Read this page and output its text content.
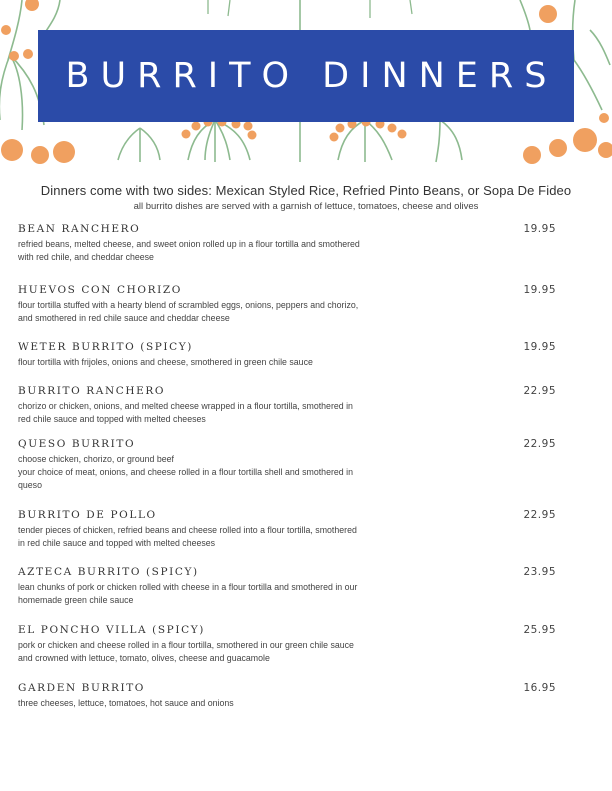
BURRITO DINNERS
Dinners come with two sides: Mexican Styled Rice, Refried Pinto Beans, or Sopa De Fideo
all burrito dishes are served with a garnish of lettuce, tomatoes, cheese and olives
BEAN RANCHERO	19.95
refried beans, melted cheese, and sweet onion rolled up in a flour tortilla and smothered
with red chile, and cheddar cheese
HUEVOS CON CHORIZO	19.95
flour tortilla stuffed with a hearty blend of scrambled eggs, onions, peppers and chorizo,
and smothered in red chile sauce and cheddar cheese
WETER BURRITO (SPICY)	19.95
flour tortilla with frijoles, onions and cheese, smothered in green chile sauce
BURRITO RANCHERO	22.95
chorizo or chicken, onions, and melted cheese wrapped in a flour tortilla, smothered in
red chile sauce and topped with melted cheeses
QUESO BURRITO	22.95
choose chicken, chorizo, or ground beef
your choice of meat, onions, and cheese rolled in a flour tortilla shell and smothered in
queso
BURRITO DE POLLO	22.95
tender pieces of chicken, refried beans and cheese rolled into a flour tortilla, smothered
in red chile sauce and topped with melted cheeses
AZTECA BURRITO (SPICY)	23.95
lean chunks of pork or chicken rolled with cheese in a flour tortilla and smothered in our
homemade green chile sauce
EL PONCHO VILLA (SPICY)	25.95
pork or chicken and cheese rolled in a flour tortilla, smothered in our green chile sauce
and crowned with lettuce, tomato, olives, cheese and guacamole
GARDEN BURRITO	16.95
three cheeses, lettuce, tomatoes, hot sauce and onions
